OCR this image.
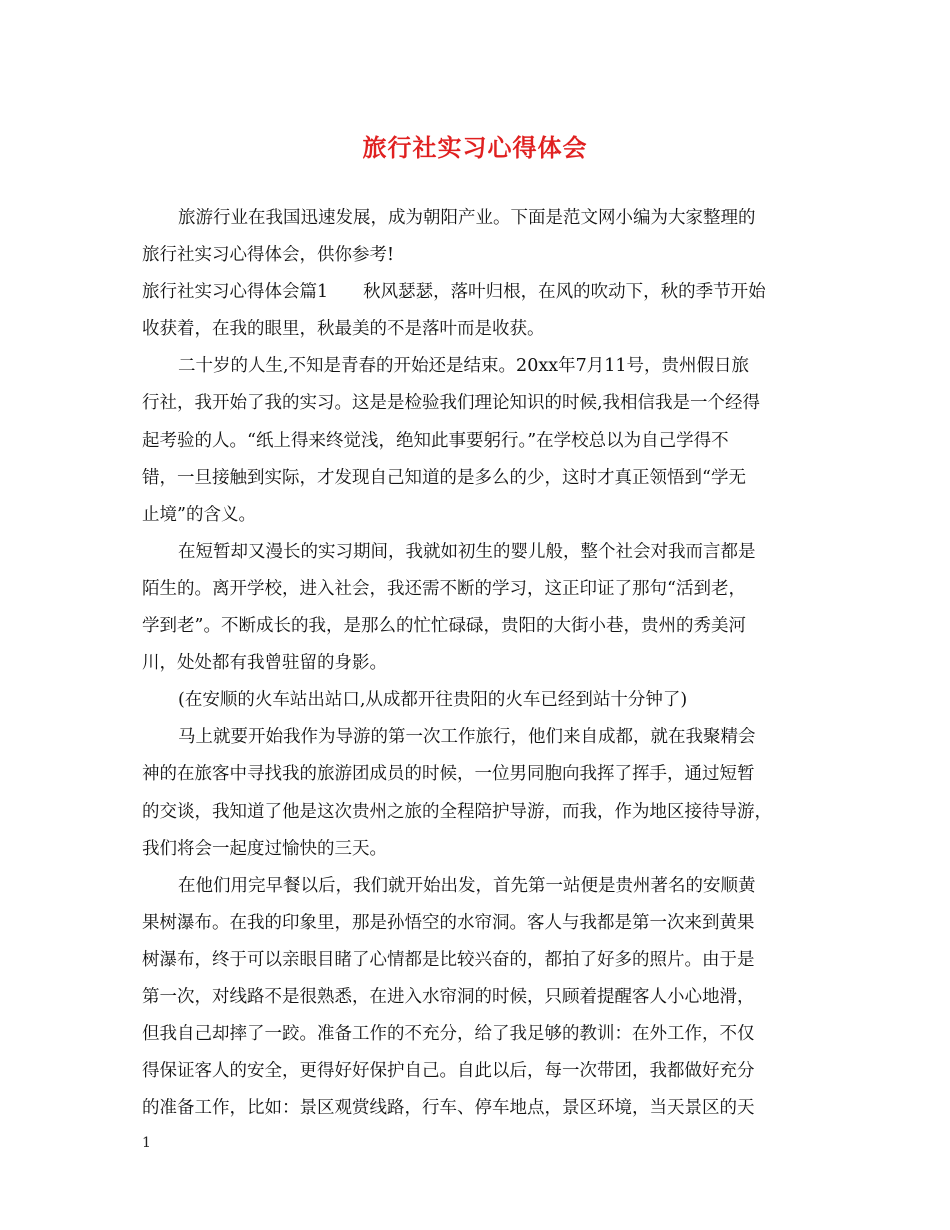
旅行社实习心得体会
旅游行业在我国迅速发展，成为朝阳产业。下面是范文网小编为大家整理的
旅行社实习心得体会，供你参考!
旅行社实习心得体会篇1　　秋风瑟瑟，落叶归根，在风的吹动下，秋的季节开始
收获着，在我的眼里，秋最美的不是落叶而是收获。
二十岁的人生,不知是青春的开始还是结束。20xx年7月11号，贵州假日旅
行社，我开始了我的实习。这是是检验我们理论知识的时候,我相信我是一个经得
起考验的人。“纸上得来终觉浅，绝知此事要躬行。”在学校总以为自己学得不
错，一旦接触到实际，才发现自己知道的是多么的少，这时才真正领悟到“学无
止境”的含义。
在短暂却又漫长的实习期间，我就如初生的婴儿般，整个社会对我而言都是
陌生的。离开学校，进入社会，我还需不断的学习，这正印证了那句“活到老，
学到老”。不断成长的我，是那么的忙忙碌碌，贵阳的大街小巷，贵州的秀美河
川，处处都有我曾驻留的身影。
(在安顺的火车站出站口,从成都开往贵阳的火车已经到站十分钟了)
马上就要开始我作为导游的第一次工作旅行，他们来自成都，就在我聚精会
神的在旅客中寻找我的旅游团成员的时候，一位男同胞向我挥了挥手，通过短暂
的交谈，我知道了他是这次贵州之旅的全程陪护导游，而我，作为地区接待导游，
我们将会一起度过愉快的三天。
在他们用完早餐以后，我们就开始出发，首先第一站便是贵州著名的安顺黄
果树瀑布。在我的印象里，那是孙悟空的水帘洞。客人与我都是第一次来到黄果
树瀑布，终于可以亲眼目睹了心情都是比较兴奋的，都拍了好多的照片。由于是
第一次，对线路不是很熟悉，在进入水帘洞的时候，只顾着提醒客人小心地滑，
但我自己却摔了一跤。准备工作的不充分，给了我足够的教训：在外工作，不仅
得保证客人的安全，更得好好保护自己。自此以后，每一次带团，我都做好充分
的准备工作，比如：景区观赏线路，行车、停车地点，景区环境，当天景区的天
1
